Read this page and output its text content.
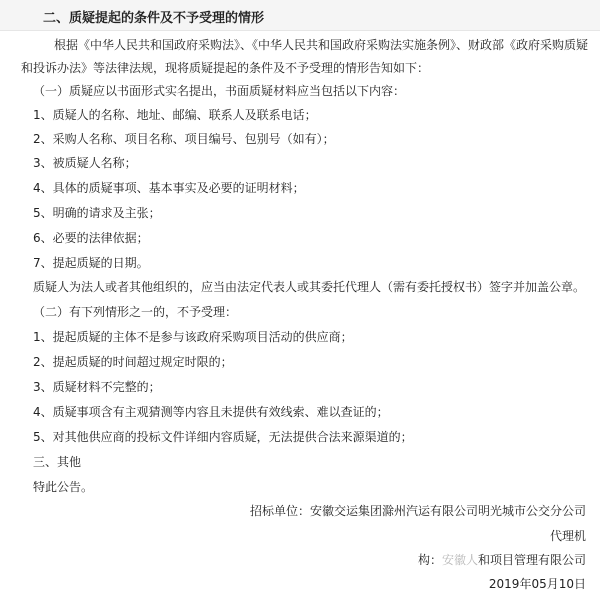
二、质疑提起的条件及不予受理的情形
根据《中华人民共和国政府采购法》、《中华人民共和国政府采购法实施条例》、财政部《政府采购质疑
和投诉办法》等法律法规，现将质疑提起的条件及不予受理的情形告知如下：
（一）质疑应以书面形式实名提出，书面质疑材料应当包括以下内容：
1、质疑人的名称、地址、邮编、联系人及联系电话；
2、采购人名称、项目名称、项目编号、包别号（如有）；
3、被质疑人名称；
4、具体的质疑事项、基本事实及必要的证明材料；
5、明确的请求及主张；
6、必要的法律依据；
7、提起质疑的日期。
质疑人为法人或者其他组织的，应当由法定代表人或其委托代理人（需有委托授权书）签字并加盖公章。
（二）有下列情形之一的，不予受理：
1、提起质疑的主体不是参与该政府采购项目活动的供应商；
2、提起质疑的时间超过规定时限的；
3、质疑材料不完整的；
4、质疑事项含有主观猜测等内容且未提供有效线索、难以查证的；
5、对其他供应商的投标文件详细内容质疑，无法提供合法来源渠道的；
三、其他
特此公告。
招标单位：安徽交运集团滁州汽运有限公司明光城市公交分公司
代理机
构：安徽人和项目管理有限公司
2019年05月10日
